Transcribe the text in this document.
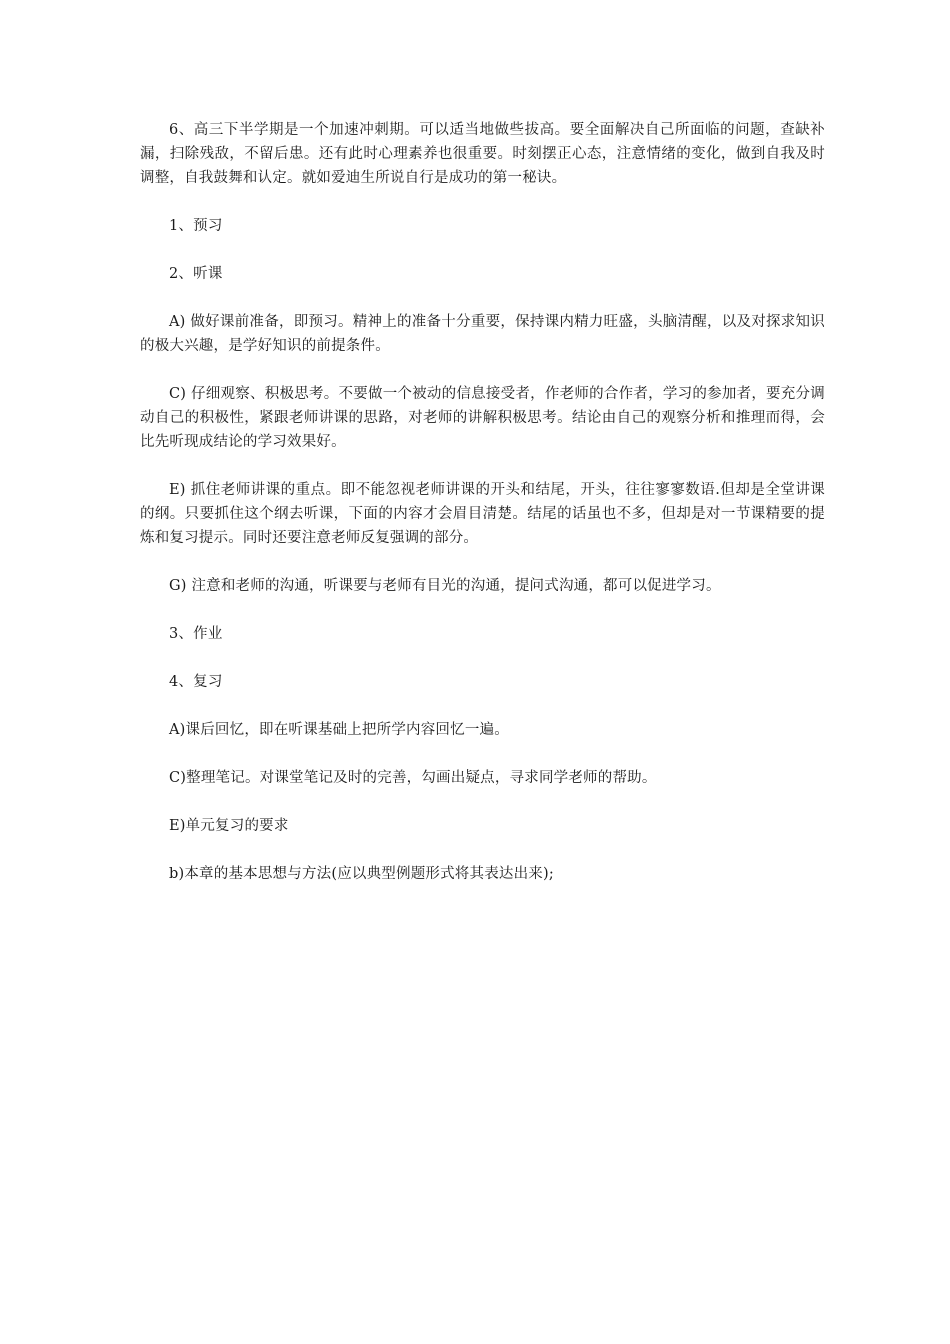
6、高三下半学期是一个加速冲刺期。可以适当地做些拔高。要全面解决自己所面临的问题，查缺补漏，扫除残敌，不留后患。还有此时心理素养也很重要。时刻摆正心态，注意情绪的变化，做到自我及时调整，自我鼓舞和认定。就如爱迪生所说自行是成功的第一秘诀。

1、预习

2、听课

A) 做好课前准备，即预习。精神上的准备十分重要，保持课内精力旺盛，头脑清醒，以及对探求知识的极大兴趣，是学好知识的前提条件。

C) 仔细观察、积极思考。不要做一个被动的信息接受者，作老师的合作者，学习的参加者，要充分调动自己的积极性，紧跟老师讲课的思路，对老师的讲解积极思考。结论由自己的观察分析和推理而得，会比先听现成结论的学习效果好。

E) 抓住老师讲课的重点。即不能忽视老师讲课的开头和结尾，开头，往往寥寥数语.但却是全堂讲课的纲。只要抓住这个纲去听课，下面的内容才会眉目清楚。结尾的话虽也不多，但却是对一节课精要的提炼和复习提示。同时还要注意老师反复强调的部分。

G) 注意和老师的沟通，听课要与老师有目光的沟通，提问式沟通，都可以促进学习。

3、作业

4、复习

A)课后回忆，即在听课基础上把所学内容回忆一遍。

C)整理笔记。对课堂笔记及时的完善，勾画出疑点，寻求同学老师的帮助。

E)单元复习的要求

b)本章的基本思想与方法(应以典型例题形式将其表达出来);
